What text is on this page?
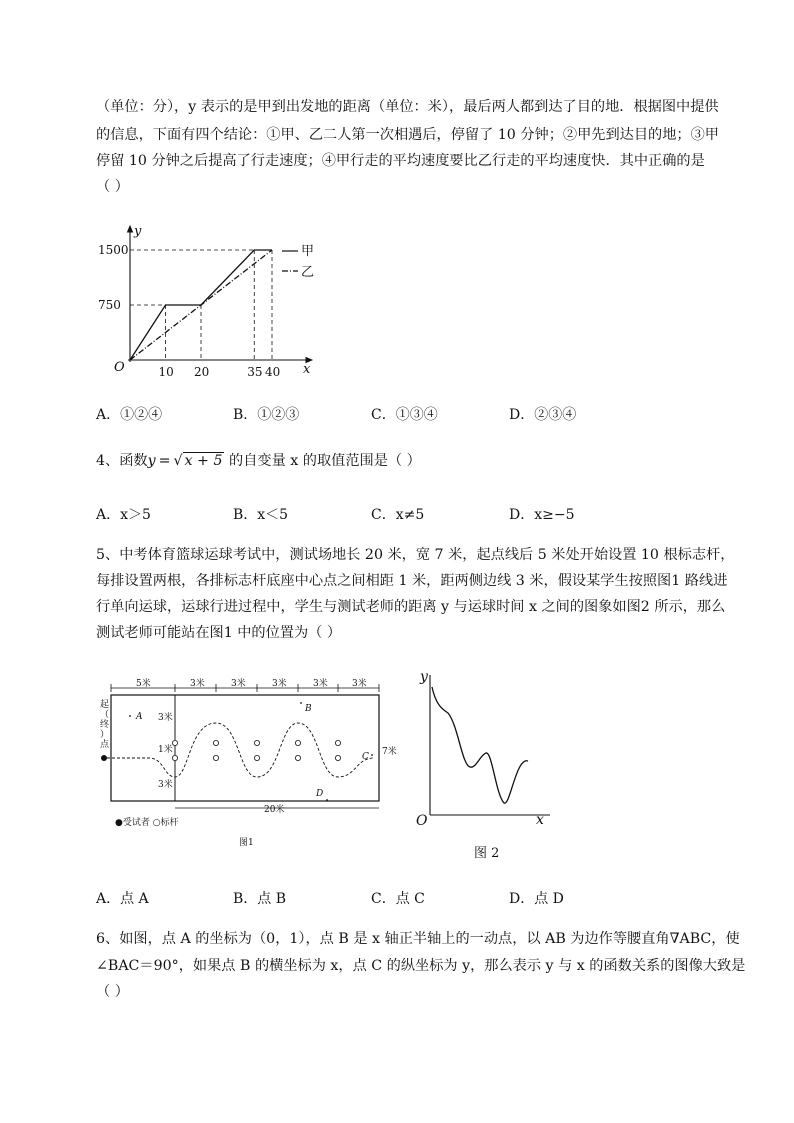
（单位：分），y 表示的是甲到出发地的距离（单位：米），最后两人都到达了目的地．根据图中提供
的信息，下面有四个结论：①甲、乙二人第一次相遇后，停留了 10 分钟；②甲先到达目的地；③甲
停留 10 分钟之后提高了行走速度；④甲行走的平均速度要比乙行走的平均速度快．其中正确的是
（ ）
1500
750
10 20	35 40
y
x
O
甲
乙
A．①②④	B．①②③	C．①③④	D．②③④
4、函数y = √ x + 5 的自变量 x 的取值范围是（ ）
A．x＞5	B．x＜5	C．x≠5	D．x≥−5
5、中考体育篮球运球考试中，测试场地长 20 米，宽 7 米，起点线后 5 米处开始设置 10 根标志杆，
每排设置两根，各排标志杆底座中心点之间相距 1 米，距两侧边线 3 米，假设某学生按照图1 路线进
行单向运球，运球行进过程中，学生与测试老师的距离 y 与运球时间 x 之间的图象如图2 所示，那么
测试老师可能站在图1 中的位置为（ ）
5米	3米	3米	3米	3米	3米
起
（
终
）
点
3米
1米
3米
7米
20米
A
B
C
D
●受试者 ○标杆
图1
y
x
O
图 2
A．点 A	B．点 B	C．点 C	D．点 D
6、如图，点 A 的坐标为（0，1），点 B 是 x 轴正半轴上的一动点，以 AB 为边作等腰直角∇ABC，使
∠BAC＝90°，如果点 B 的横坐标为 x，点 C 的纵坐标为 y，那么表示 y 与 x 的函数关系的图像大致是
（ ）
